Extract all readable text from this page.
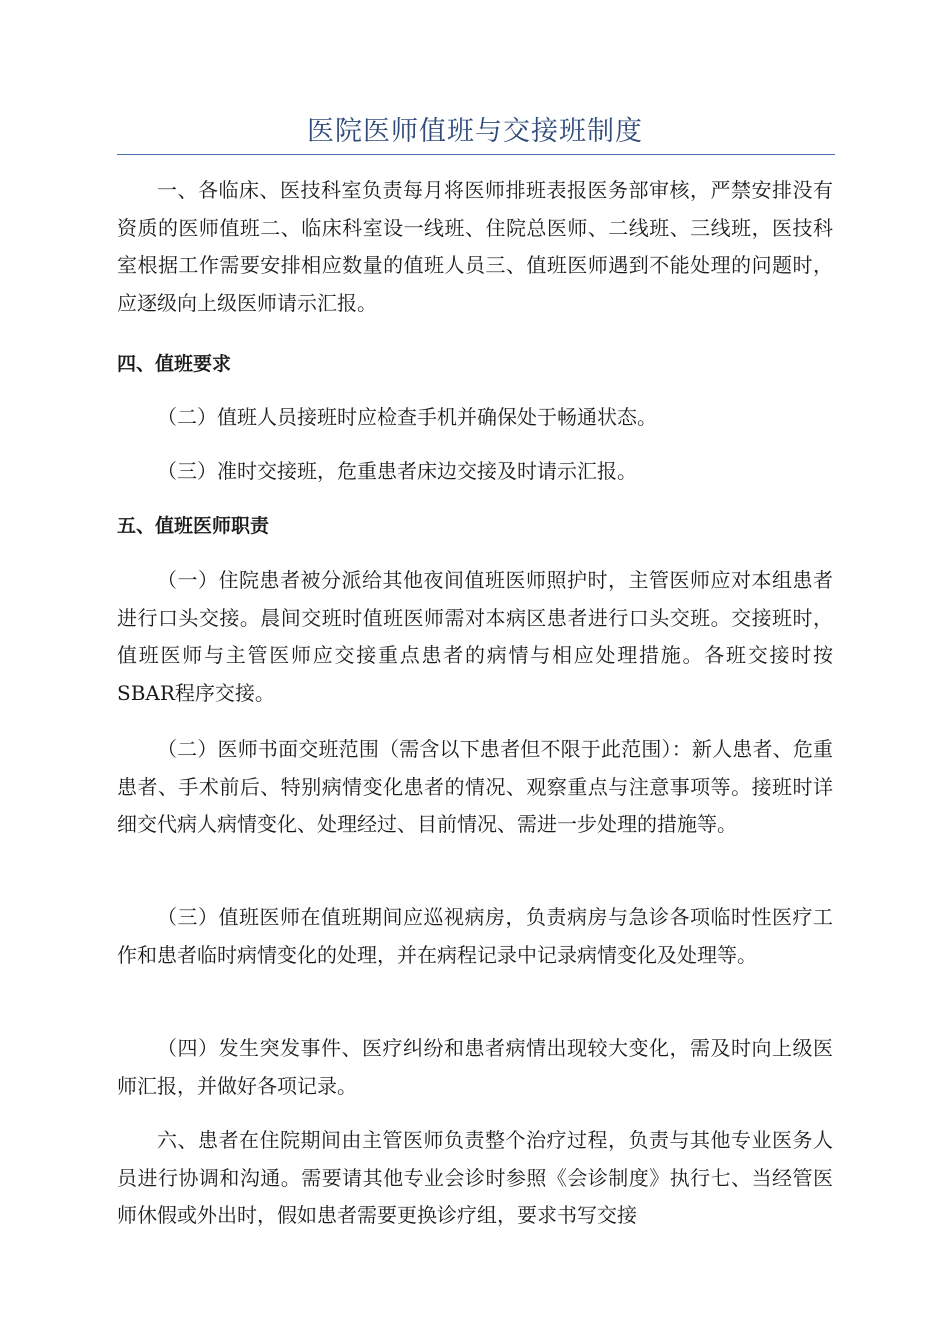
医院医师值班与交接班制度

一、各临床、医技科室负责每月将医师排班表报医务部审核，严禁安排没有资质的医师值班二、临床科室设一线班、住院总医师、二线班、三线班，医技科室根据工作需要安排相应数量的值班人员三、值班医师遇到不能处理的问题时，应逐级向上级医师请示汇报。

四、值班要求

（二）值班人员接班时应检查手机并确保处于畅通状态。

（三）准时交接班，危重患者床边交接及时请示汇报。

五、值班医师职责

（一）住院患者被分派给其他夜间值班医师照护时，主管医师应对本组患者进行口头交接。晨间交班时值班医师需对本病区患者进行口头交班。交接班时，值班医师与主管医师应交接重点患者的病情与相应处理措施。各班交接时按SBAR程序交接。

（二）医师书面交班范围（需含以下患者但不限于此范围）：新人患者、危重患者、手术前后、特别病情变化患者的情况、观察重点与注意事项等。接班时详细交代病人病情变化、处理经过、目前情况、需进一步处理的措施等。

（三）值班医师在值班期间应巡视病房，负责病房与急诊各项临时性医疗工作和患者临时病情变化的处理，并在病程记录中记录病情变化及处理等。

（四）发生突发事件、医疗纠纷和患者病情出现较大变化，需及时向上级医师汇报，并做好各项记录。

六、患者在住院期间由主管医师负责整个治疗过程，负责与其他专业医务人员进行协调和沟通。需要请其他专业会诊时参照《会诊制度》执行七、当经管医师休假或外出时，假如患者需要更换诊疗组，要求书写交接
